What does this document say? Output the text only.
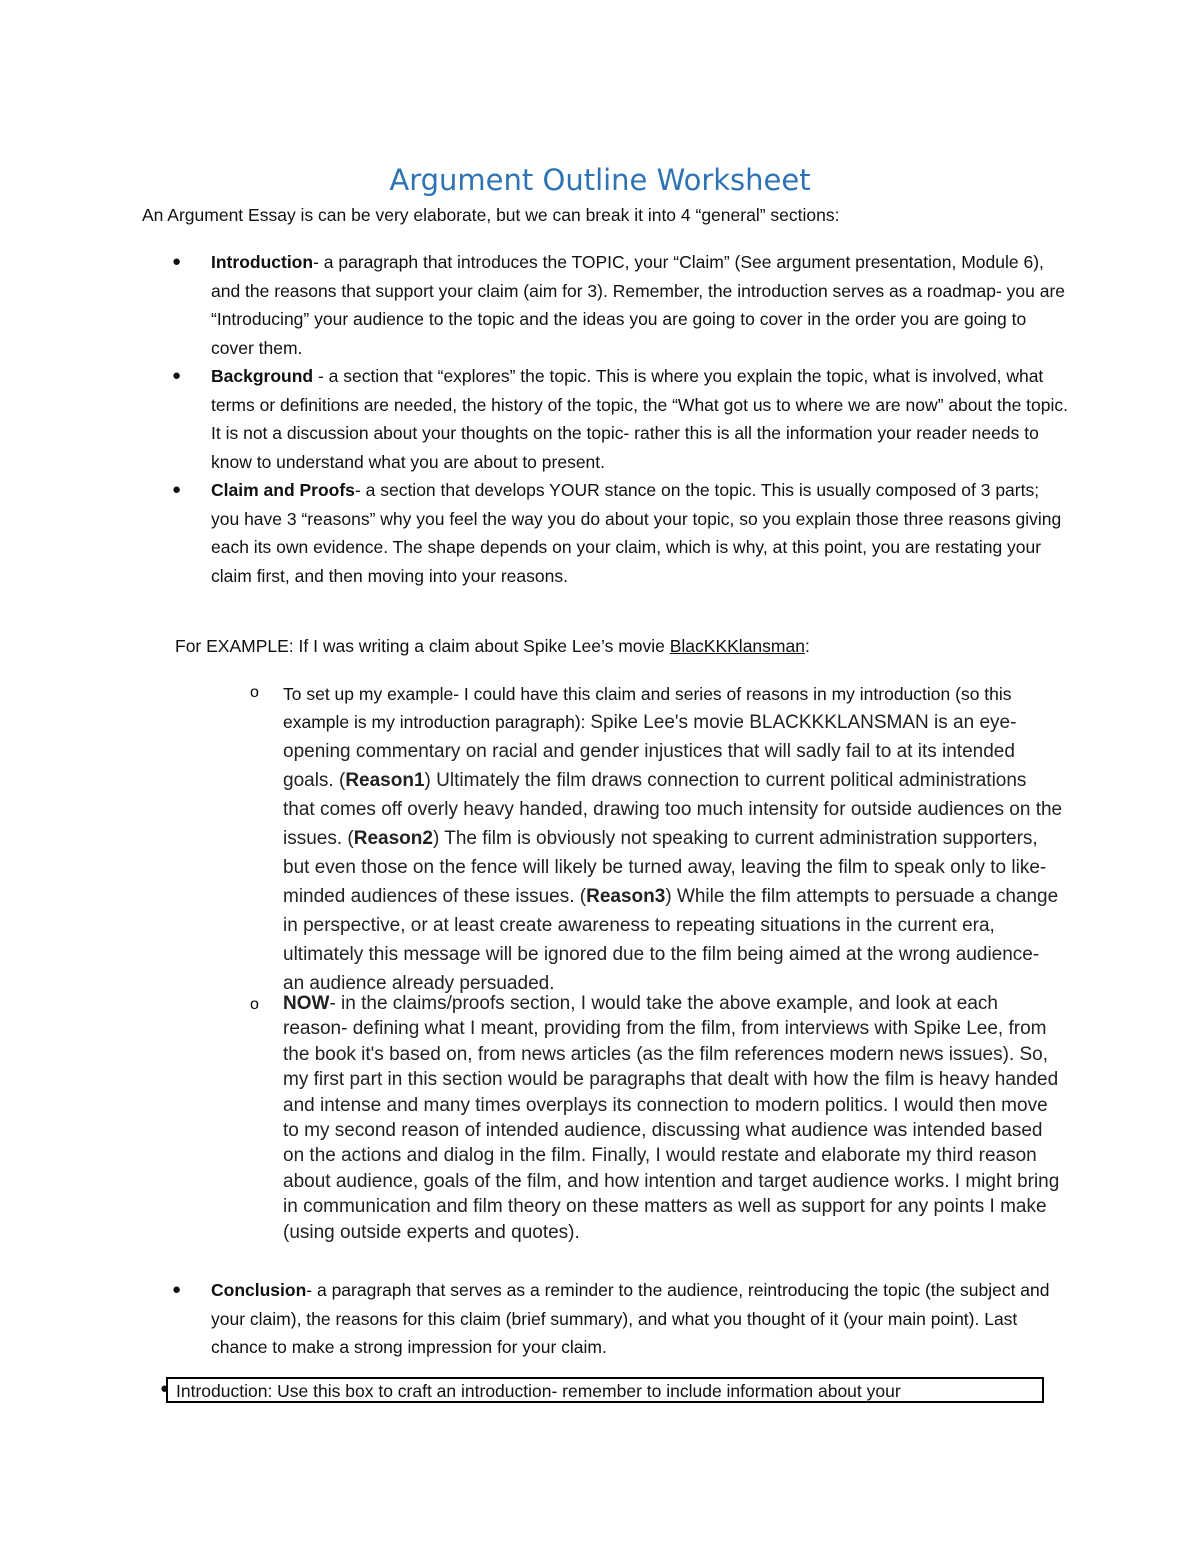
Argument Outline Worksheet
An Argument Essay is can be very elaborate, but we can break it into 4 “general” sections:
● Introduction- a paragraph that introduces the TOPIC, your “Claim” (See argument presentation, Module 6), and the reasons that support your claim (aim for 3). Remember, the introduction serves as a roadmap- you are “Introducing” your audience to the topic and the ideas you are going to cover in the order you are going to cover them.
● Background - a section that “explores” the topic. This is where you explain the topic, what is involved, what terms or definitions are needed, the history of the topic, the “What got us to where we are now” about the topic. It is not a discussion about your thoughts on the topic- rather this is all the information your reader needs to know to understand what you are about to present.
● Claim and Proofs- a section that develops YOUR stance on the topic. This is usually composed of 3 parts; you have 3 “reasons” why you feel the way you do about your topic, so you explain those three reasons giving each its own evidence. The shape depends on your claim, which is why, at this point, you are restating your claim first, and then moving into your reasons.
For EXAMPLE: If I was writing a claim about Spike Lee’s movie BlacKKKlansman:
o To set up my example- I could have this claim and series of reasons in my introduction (so this example is my introduction paragraph): Spike Lee's movie BLACKKKLANSMAN is an eye-opening commentary on racial and gender injustices that will sadly fail to at its intended goals. (Reason1) Ultimately the film draws connection to current political administrations that comes off overly heavy handed, drawing too much intensity for outside audiences on the issues. (Reason2) The film is obviously not speaking to current administration supporters, but even those on the fence will likely be turned away, leaving the film to speak only to like-minded audiences of these issues. (Reason3) While the film attempts to persuade a change in perspective, or at least create awareness to repeating situations in the current era, ultimately this message will be ignored due to the film being aimed at the wrong audience- an audience already persuaded.
o NOW- in the claims/proofs section, I would take the above example, and look at each reason- defining what I meant, providing from the film, from interviews with Spike Lee, from the book it's based on, from news articles (as the film references modern news issues). So, my first part in this section would be paragraphs that dealt with how the film is heavy handed and intense and many times overplays its connection to modern politics. I would then move to my second reason of intended audience, discussing what audience was intended based on the actions and dialog in the film. Finally, I would restate and elaborate my third reason about audience, goals of the film, and how intention and target audience works. I might bring in communication and film theory on these matters as well as support for any points I make (using outside experts and quotes).
● Conclusion- a paragraph that serves as a reminder to the audience, reintroducing the topic (the subject and your claim), the reasons for this claim (brief summary), and what you thought of it (your main point). Last chance to make a strong impression for your claim.
● Introduction: Use this box to craft an introduction- remember to include information about your
